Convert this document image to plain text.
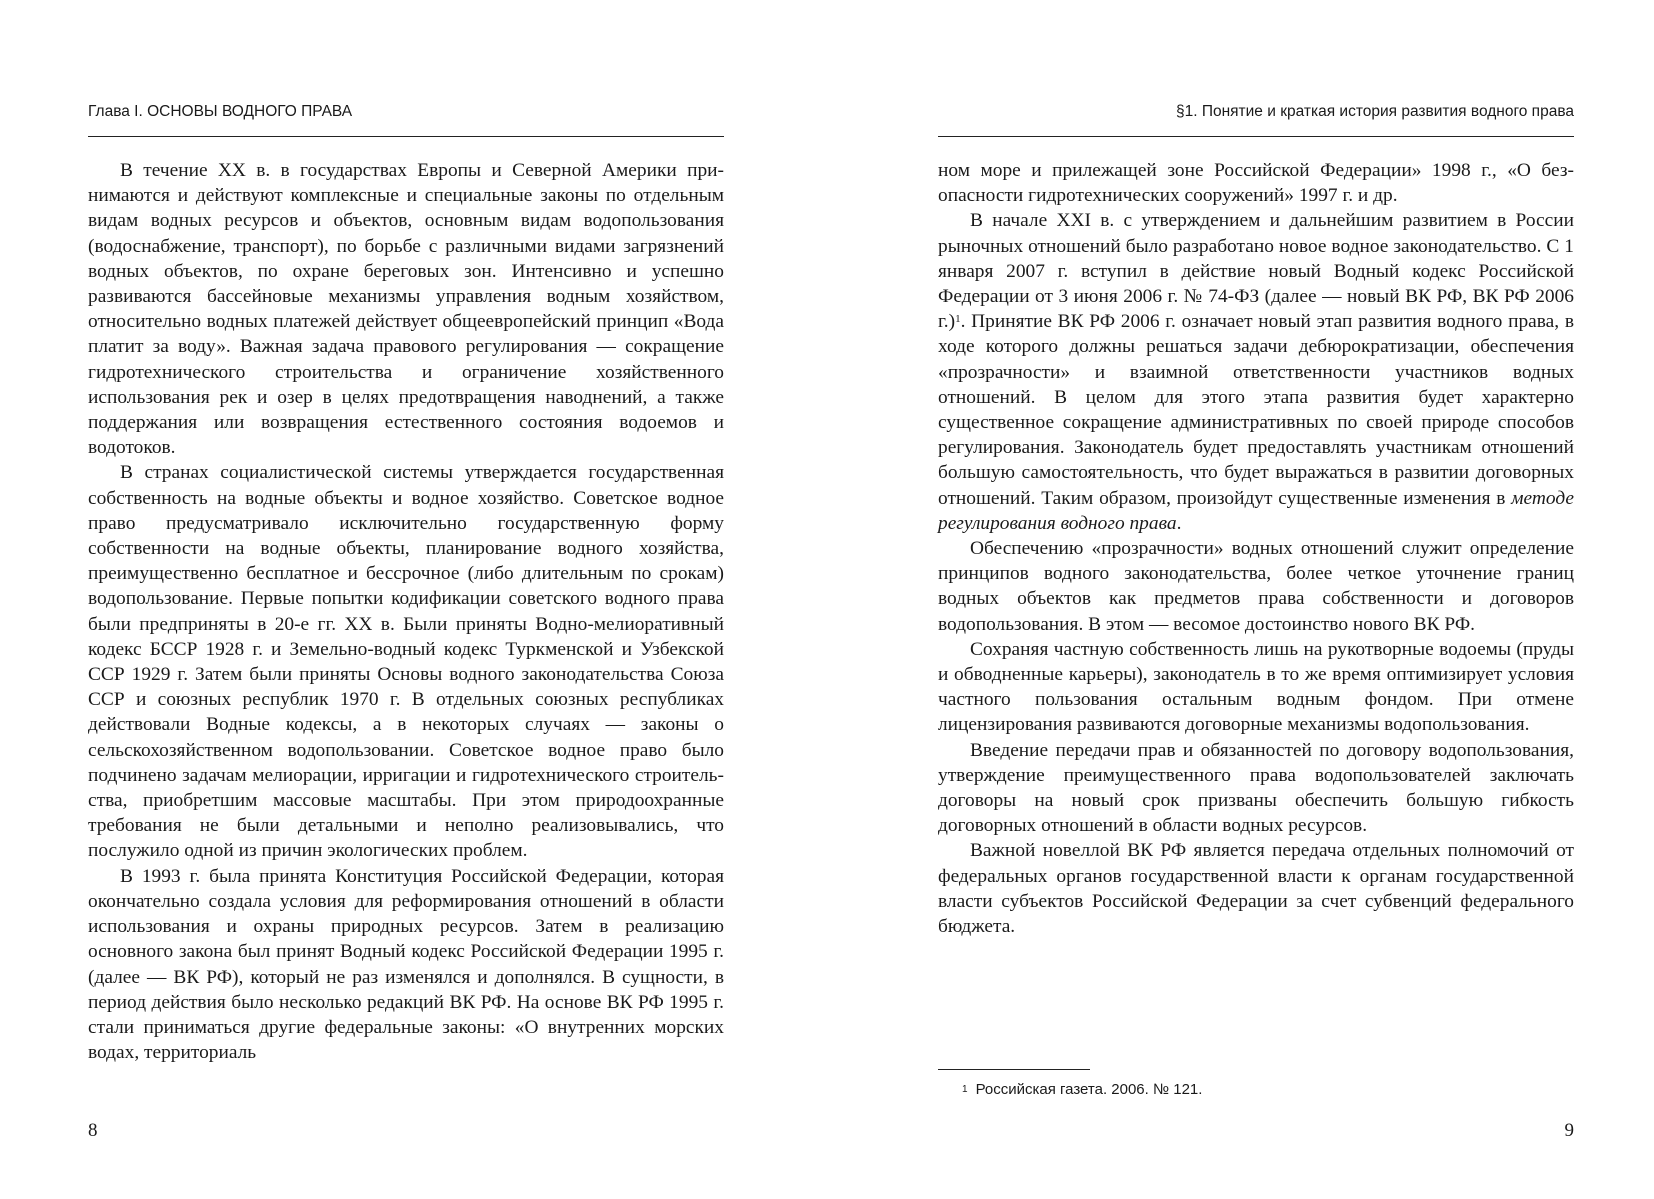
Глава I. ОСНОВЫ ВОДНОГО ПРАВА

В течение XX в. в государствах Европы и Северной Америки принимаются и действуют комплексные и специальные законы по отдельным видам водных ресурсов и объектов, основным видам водопользования (водоснабжение, транспорт), по борьбе с различными видами загрязнений водных объектов, по охране береговых зон. Интенсивно и успешно развиваются бассейновые механизмы управления водным хозяйством, относительно водных платежей действует общеевропейский принцип «Вода платит за воду». Важная задача правового регулирования — сокращение гидротехнического строительства и ограничение хозяйственного использования рек и озер в целях предотвращения наводнений, а также поддержания или возвращения естественного состояния водоемов и водотоков.

В странах социалистической системы утверждается государственная собственность на водные объекты и водное хозяйство. Советское водное право предусматривало исключительно государственную форму собственности на водные объекты, планирование водного хозяйства, преимущественно бесплатное и бессрочное (либо длительным по срокам) водопользование. Первые попытки кодификации советского водного права были предприняты в 20-е гг. XX в. Были приняты Водно-мелиоративный кодекс БССР 1928 г. и Земельно-водный кодекс Туркменской и Узбекской ССР 1929 г. Затем были приняты Основы водного законодательства Союза ССР и союзных республик 1970 г. В отдельных союзных республиках действовали Водные кодексы, а в некоторых случаях — законы о сельскохозяйственном водопользовании. Советское водное право было подчинено задачам мелиорации, ирригации и гидротехнического строительства, приобретшим массовые масштабы. При этом природоохранные требования не были детальными и неполно реализовывались, что послужило одной из причин экологических проблем.

В 1993 г. была принята Конституция Российской Федерации, которая окончательно создала условия для реформирования отношений в области использования и охраны природных ресурсов. Затем в реализацию основного закона был принят Водный кодекс Российской Федерации 1995 г. (далее — ВК РФ), который не раз изменялся и дополнялся. В сущности, в период действия было несколько редакций ВК РФ. На основе ВК РФ 1995 г. стали приниматься другие федеральные законы: «О внутренних морских водах, территориаль

8
§1. Понятие и краткая история развития водного права

ном море и прилежащей зоне Российской Федерации» 1998 г., «О безопасности гидротехнических сооружений» 1997 г. и др.

В начале XXI в. с утверждением и дальнейшим развитием в России рыночных отношений было разработано новое водное законодательство. С 1 января 2007 г. вступил в действие новый Водный кодекс Российской Федерации от 3 июня 2006 г. № 74-ФЗ (далее — новый ВК РФ, ВК РФ 2006 г.)$^1$. Принятие ВК РФ 2006 г. означает новый этап развития водного права, в ходе которого должны решаться задачи дебюрократизации, обеспечения «прозрачности» и взаимной ответственности участников водных отношений. В целом для этого этапа развития будет характерно существенное сокращение административных по своей природе способов регулирования. Законодатель будет предоставлять участникам отношений большую самостоятельность, что будет выражаться в развитии договорных отношений. Таким образом, произойдут существенные изменения в методе регулирования водного права.

Обеспечению «прозрачности» водных отношений служит определение принципов водного законодательства, более четкое уточнение границ водных объектов как предметов права собственности и договоров водопользования. В этом — весомое достоинство нового ВК РФ.

Сохраняя частную собственность лишь на рукотворные водоемы (пруды и обводненные карьеры), законодатель в то же время оптимизирует условия частного пользования остальным водным фондом. При отмене лицензирования развиваются договорные механизмы водопользования.

Введение передачи прав и обязанностей по договору водопользования, утверждение преимущественного права водопользователей заключать договоры на новый срок призваны обеспечить большую гибкость договорных отношений в области водных ресурсов.

Важной новеллой ВК РФ является передача отдельных полномочий от федеральных органов государственной власти к органам государственной власти субъектов Российской Федерации за счет субвенций федерального бюджета.

$^1$ Российская газета. 2006. № 121.
9
